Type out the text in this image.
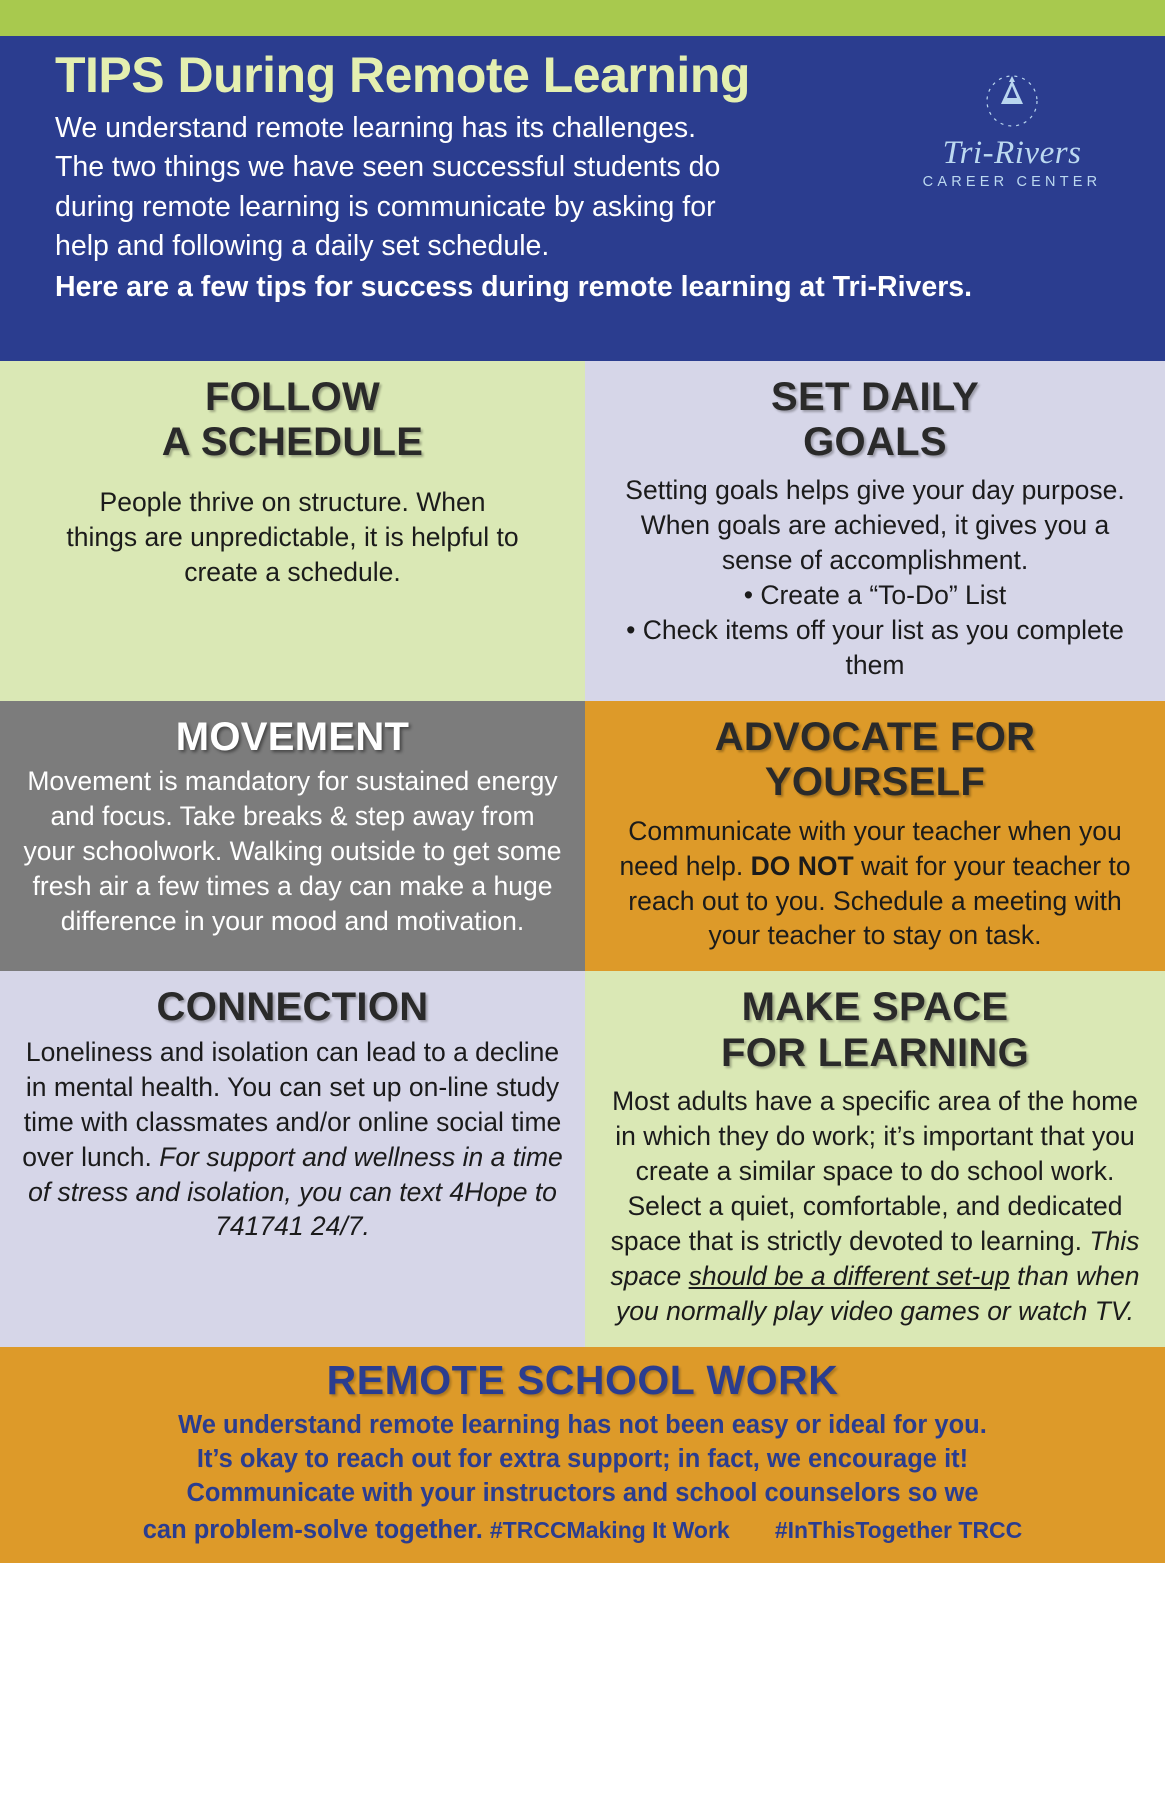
TIPS During Remote Learning

We understand remote learning has its challenges.

The two things we have seen successful students do

during remote learning is communicate by asking for

help and following a daily set schedule.

Here are a few tips for success during remote learning at Tri-Rivers.

Tri-Rivers
CAREER CENTER
FOLLOW
A SCHEDULE

People thrive on structure. When things are unpredictable, it is helpful to create a schedule.

SET DAILY
GOALS

Setting goals helps give your day purpose. When goals are achieved, it gives you a sense of accomplishment.

• Create a “To-Do” List
• Check items off your list as you complete them
MOVEMENT

Movement is mandatory for sustained energy and focus. Take breaks & step away from your schoolwork. Walking outside to get some fresh air a few times a day can make a huge difference in your mood and motivation.

ADVOCATE FOR
YOURSELF

Communicate with your teacher when you need help. DO NOT wait for your teacher to reach out to you. Schedule a meeting with your teacher to stay on task.

CONNECTION

Loneliness and isolation can lead to a decline in mental health. You can set up on-line study time with classmates and/or online social time over lunch. For support and wellness in a time of stress and isolation, you can text 4Hope to 741741 24/7.

MAKE SPACE
FOR LEARNING

Most adults have a specific area of the home in which they do work; it’s important that you create a similar space to do school work. Select a quiet, comfortable, and dedicated space that is strictly devoted to learning. This space should be a different set-up than when you normally play video games or watch TV.

REMOTE SCHOOL WORK

We understand remote learning has not been easy or ideal for you.

It’s okay to reach out for extra support; in fact, we encourage it!

Communicate with your instructors and school counselors so we

can problem-solve together. #TRCCMaking It Work #InThisTogether TRCC
